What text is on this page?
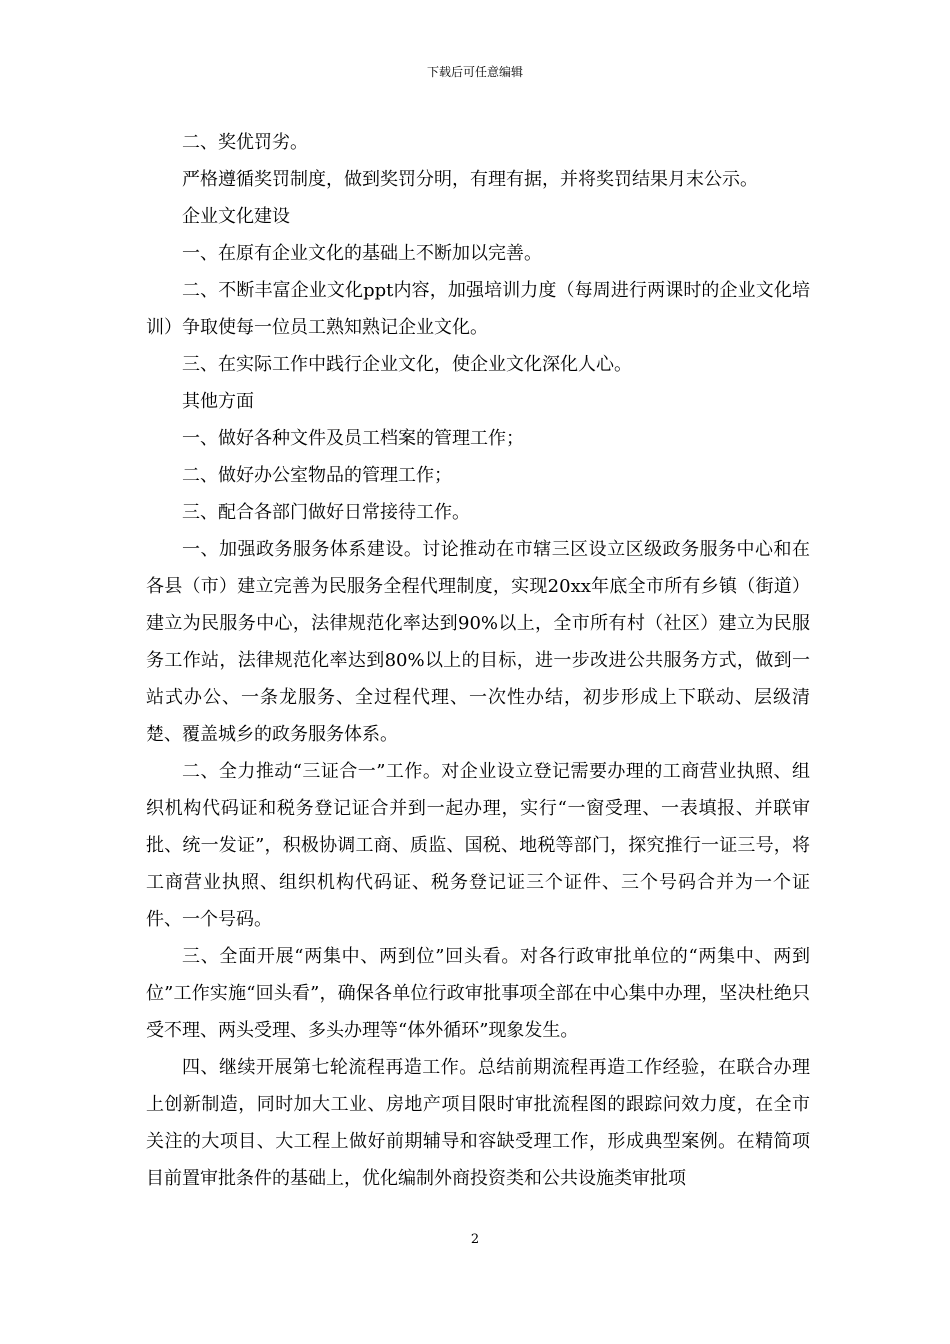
下载后可任意编辑

二、奖优罚劣。

严格遵循奖罚制度，做到奖罚分明，有理有据，并将奖罚结果月末公示。

企业文化建设

一、在原有企业文化的基础上不断加以完善。

二、不断丰富企业文化ppt内容，加强培训力度（每周进行两课时的企业文化培训）争取使每一位员工熟知熟记企业文化。

三、在实际工作中践行企业文化，使企业文化深化人心。

其他方面

一、做好各种文件及员工档案的管理工作；

二、做好办公室物品的管理工作；

三、配合各部门做好日常接待工作。

一、加强政务服务体系建设。讨论推动在市辖三区设立区级政务服务中心和在各县（市）建立完善为民服务全程代理制度，实现20xx年底全市所有乡镇（街道）建立为民服务中心，法律规范化率达到90%以上，全市所有村（社区）建立为民服务工作站，法律规范化率达到80%以上的目标，进一步改进公共服务方式，做到一站式办公、一条龙服务、全过程代理、一次性办结，初步形成上下联动、层级清楚、覆盖城乡的政务服务体系。

二、全力推动“三证合一”工作。对企业设立登记需要办理的工商营业执照、组织机构代码证和税务登记证合并到一起办理，实行“一窗受理、一表填报、并联审批、统一发证”，积极协调工商、质监、国税、地税等部门，探究推行一证三号，将工商营业执照、组织机构代码证、税务登记证三个证件、三个号码合并为一个证件、一个号码。

三、全面开展“两集中、两到位”回头看。对各行政审批单位的“两集中、两到位”工作实施“回头看”，确保各单位行政审批事项全部在中心集中办理，坚决杜绝只受不理、两头受理、多头办理等“体外循环”现象发生。

四、继续开展第七轮流程再造工作。总结前期流程再造工作经验，在联合办理上创新制造，同时加大工业、房地产项目限时审批流程图的跟踪问效力度，在全市关注的大项目、大工程上做好前期辅导和容缺受理工作，形成典型案例。在精简项目前置审批条件的基础上，优化编制外商投资类和公共设施类审批项

2
